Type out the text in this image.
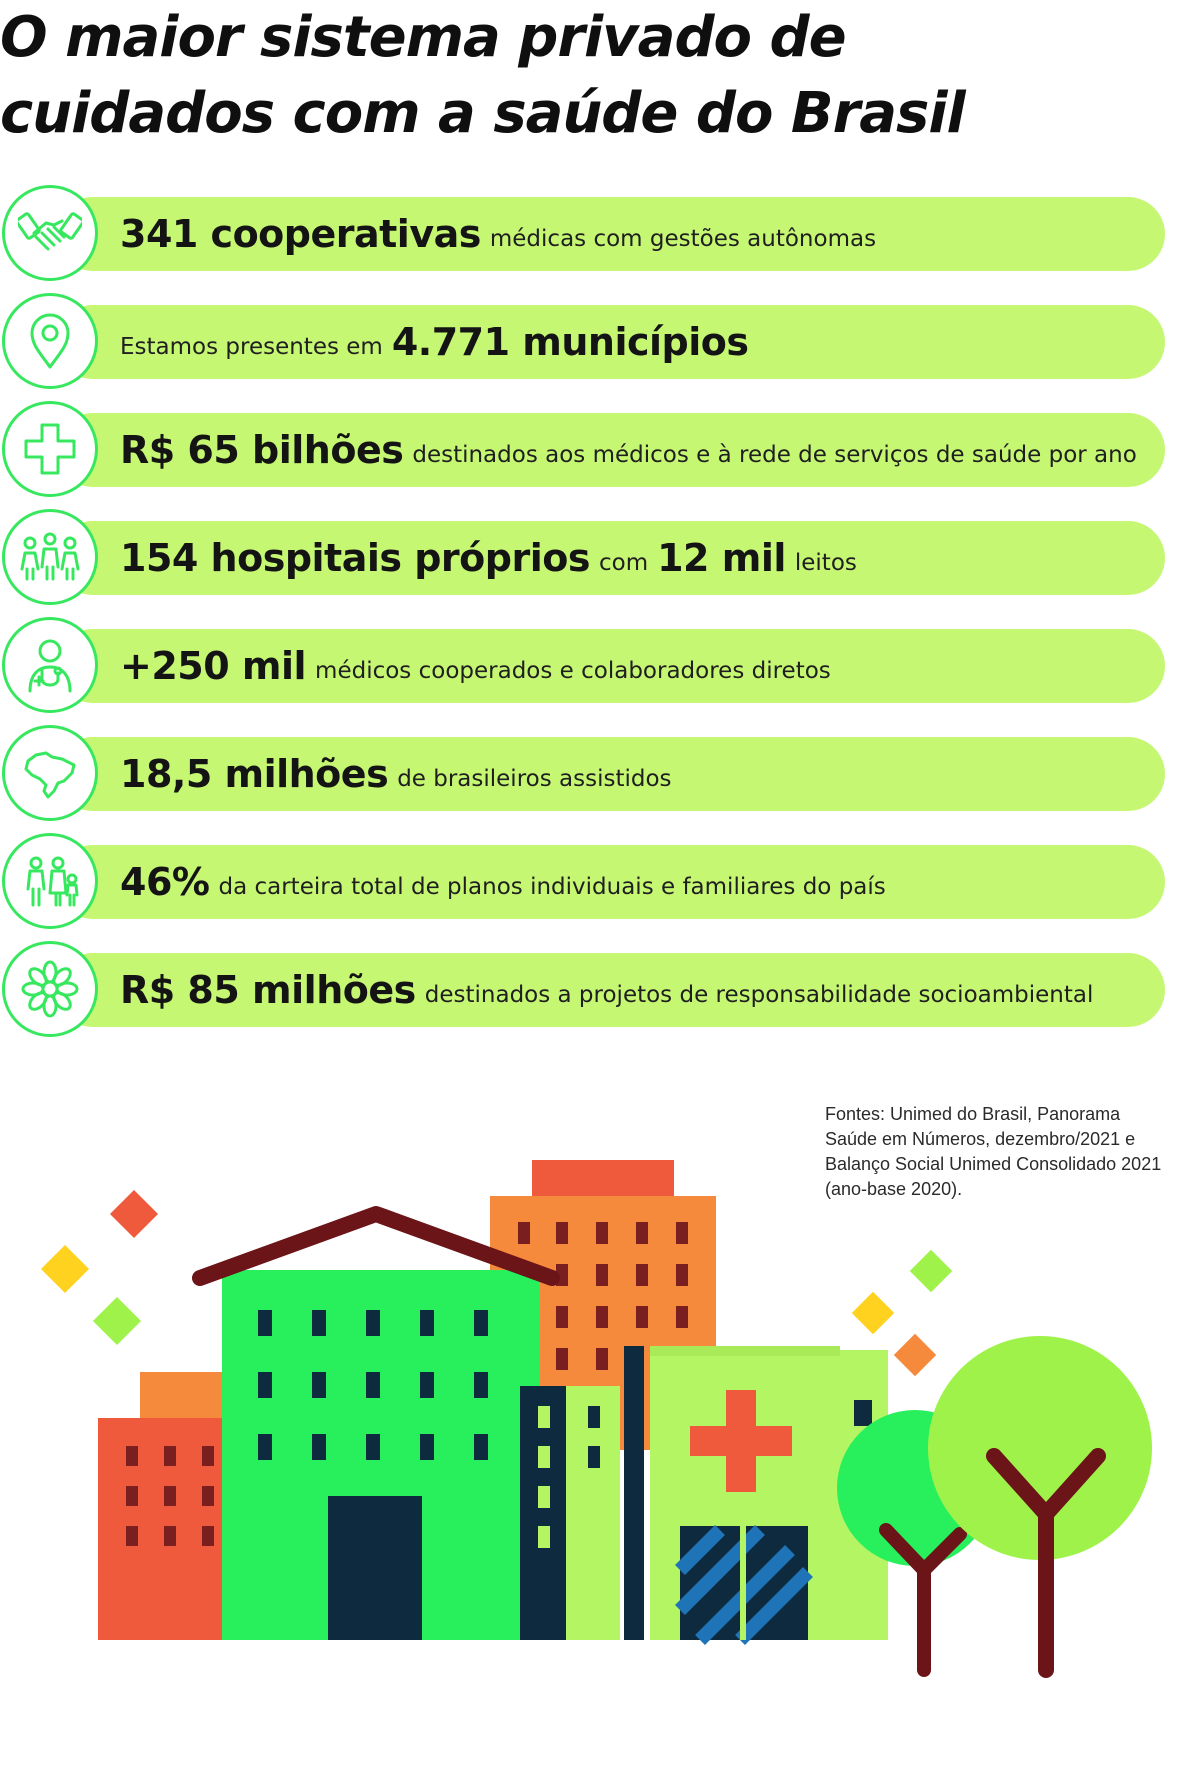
O maior sistema privado de
cuidados com a saúde do Brasil
341 cooperativas médicas com gestões autônomas
Estamos presentes em 4.771 municípios
R$ 65 bilhões destinados aos médicos e à rede de serviços de saúde por ano
154 hospitais próprios com 12 mil leitos
+250 mil médicos cooperados e colaboradores diretos
18,5 milhões de brasileiros assistidos
46% da carteira total de planos individuais e familiares do país
R$ 85 milhões destinados a projetos de responsabilidade socioambiental
Fontes: Unimed do Brasil, Panorama
Saúde em Números, dezembro/2021 e
Balanço Social Unimed Consolidado 2021
(ano-base 2020).
